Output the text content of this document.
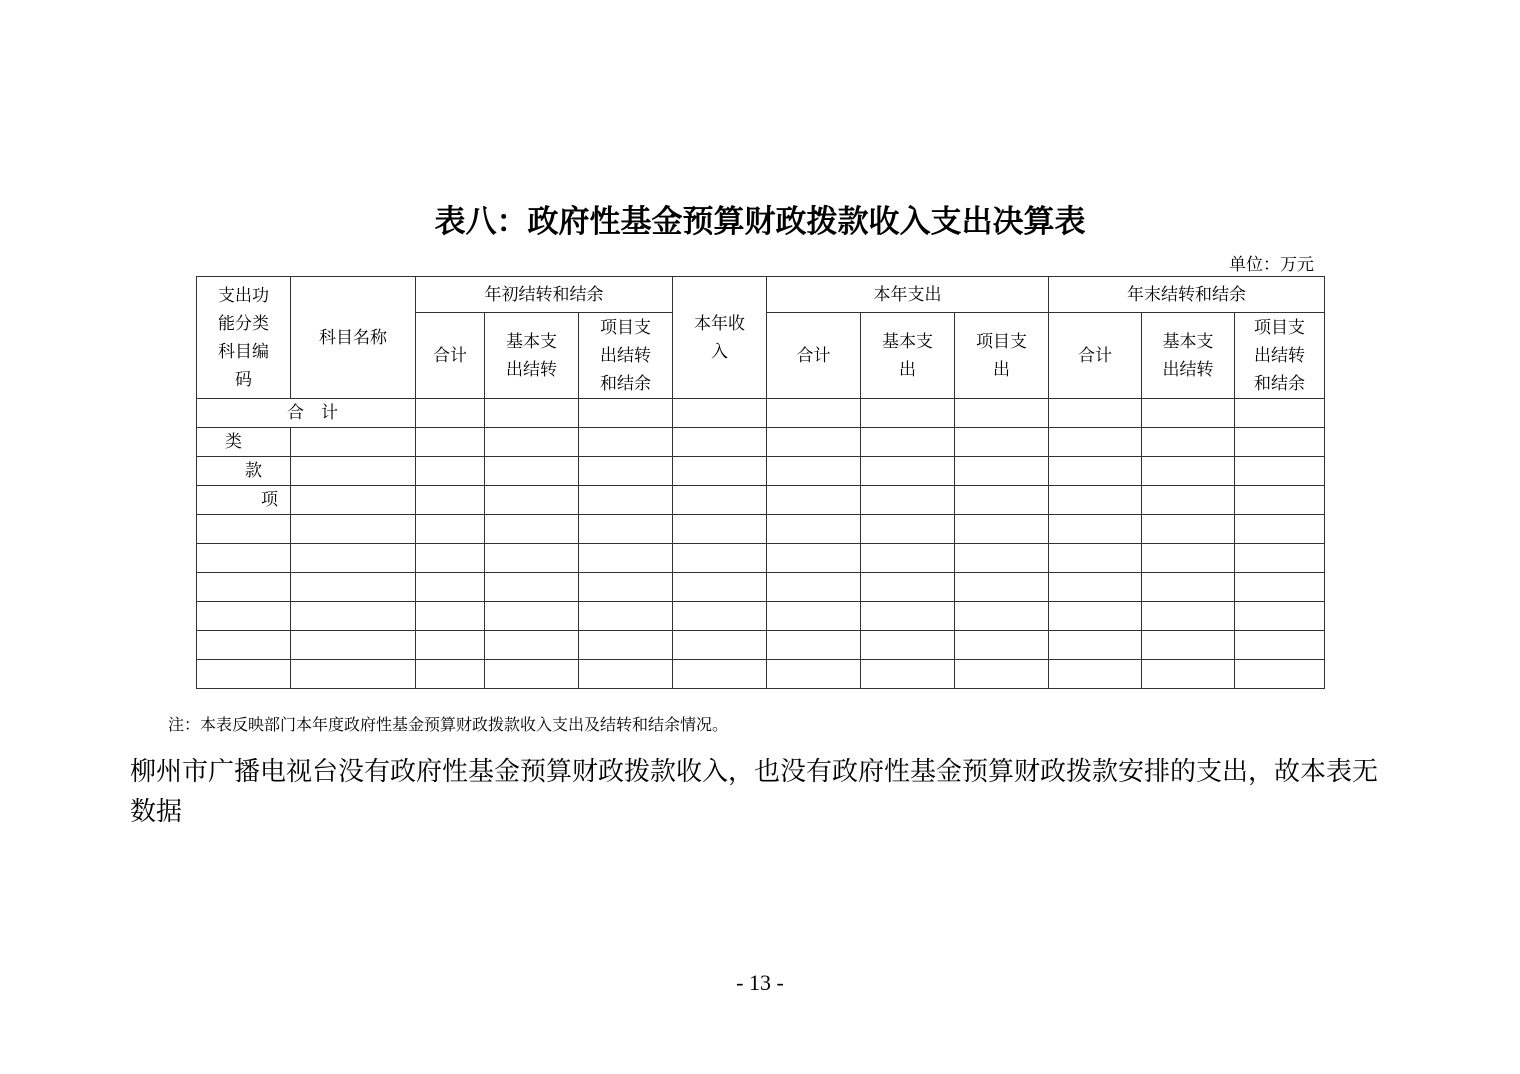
表八：政府性基金预算财政拨款收入支出决算表
单位：万元
支出功能分类科目编码	科目名称	年初结转和结余			本年收入	本年支出			年末结转和结余		
		合计	基本支出结转	项目支出结转和结余		合计	基本支出	项目支出	合计	基本支出结转	项目支出结转和结余
合　计											
类											
款											
项											

注：本表反映部门本年度政府性基金预算财政拨款收入支出及结转和结余情况。
柳州市广播电视台没有政府性基金预算财政拨款收入，也没有政府性基金预算财政拨款安排的支出，故本表无数据
- 13 -
